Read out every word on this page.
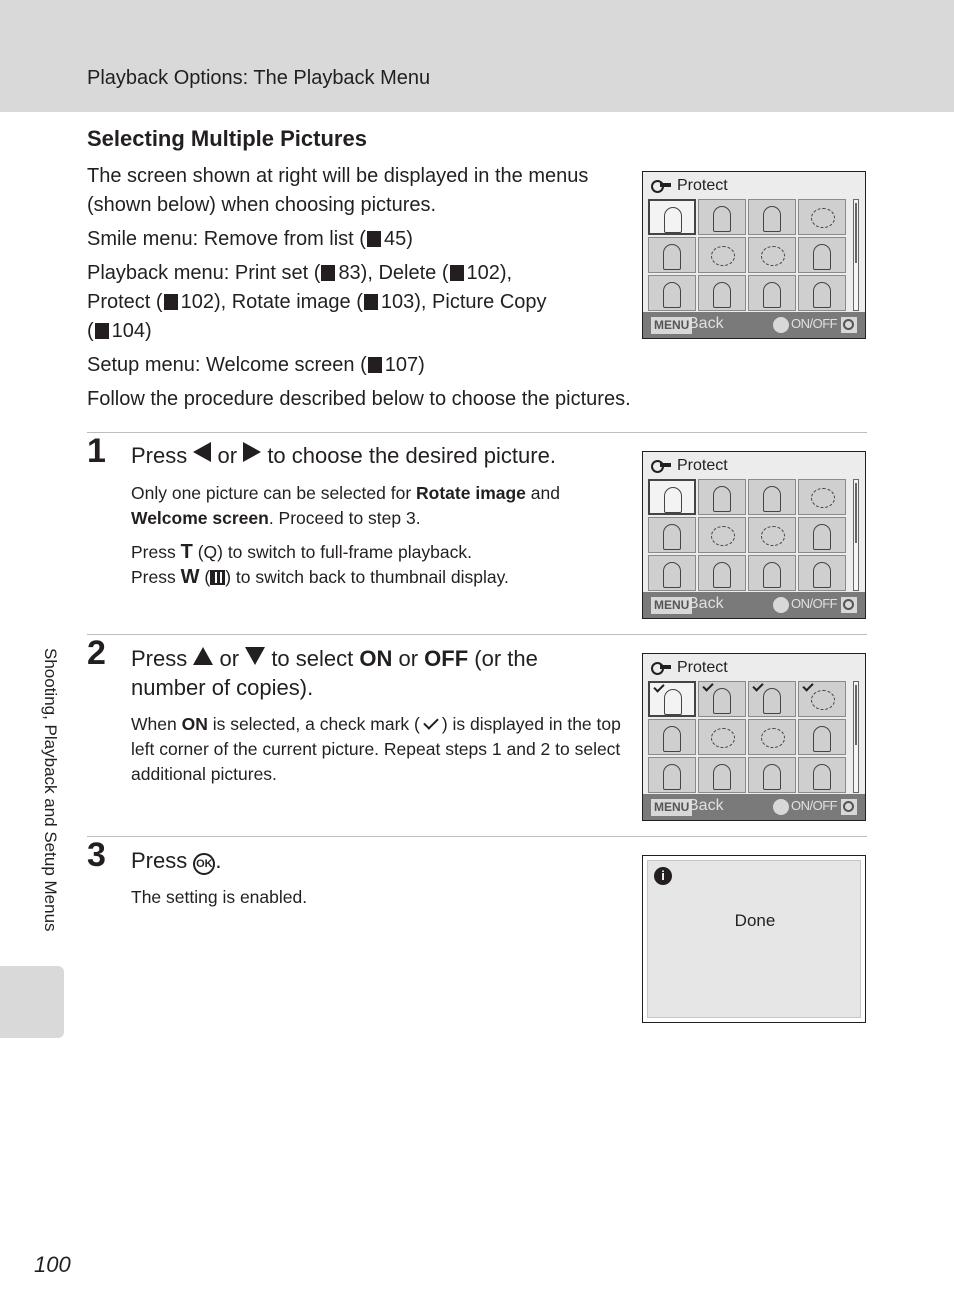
Playback Options: The Playback Menu
Shooting, Playback and Setup Menus
Selecting Multiple Pictures
The screen shown at right will be displayed in the menus (shown below) when choosing pictures.
Smile menu: Remove from list ( 45)
Playback menu: Print set ( 83), Delete ( 102),
Protect ( 102), Rotate image ( 103), Picture Copy
( 104)
Setup menu: Welcome screen ( 107)
Follow the procedure described below to choose the pictures.
Protect
MENU
Back	ON/OFF
1 Press or to choose the desired picture.
Only one picture can be selected for Rotate image and Welcome screen. Proceed to step 3.
Press T (Q) to switch to full-frame playback.
Press W ( ) to switch back to thumbnail display.
Protect
MENU
Back	ON/OFF
2 Press or to select ON or OFF (or the number of copies).
When ON is selected, a check mark ( ) is displayed in the top left corner of the current picture. Repeat steps 1 and 2 to select additional pictures.
Protect
MENU
Back	ON/OFF
3 Press OK .
The setting is enabled.
i
Done
100
